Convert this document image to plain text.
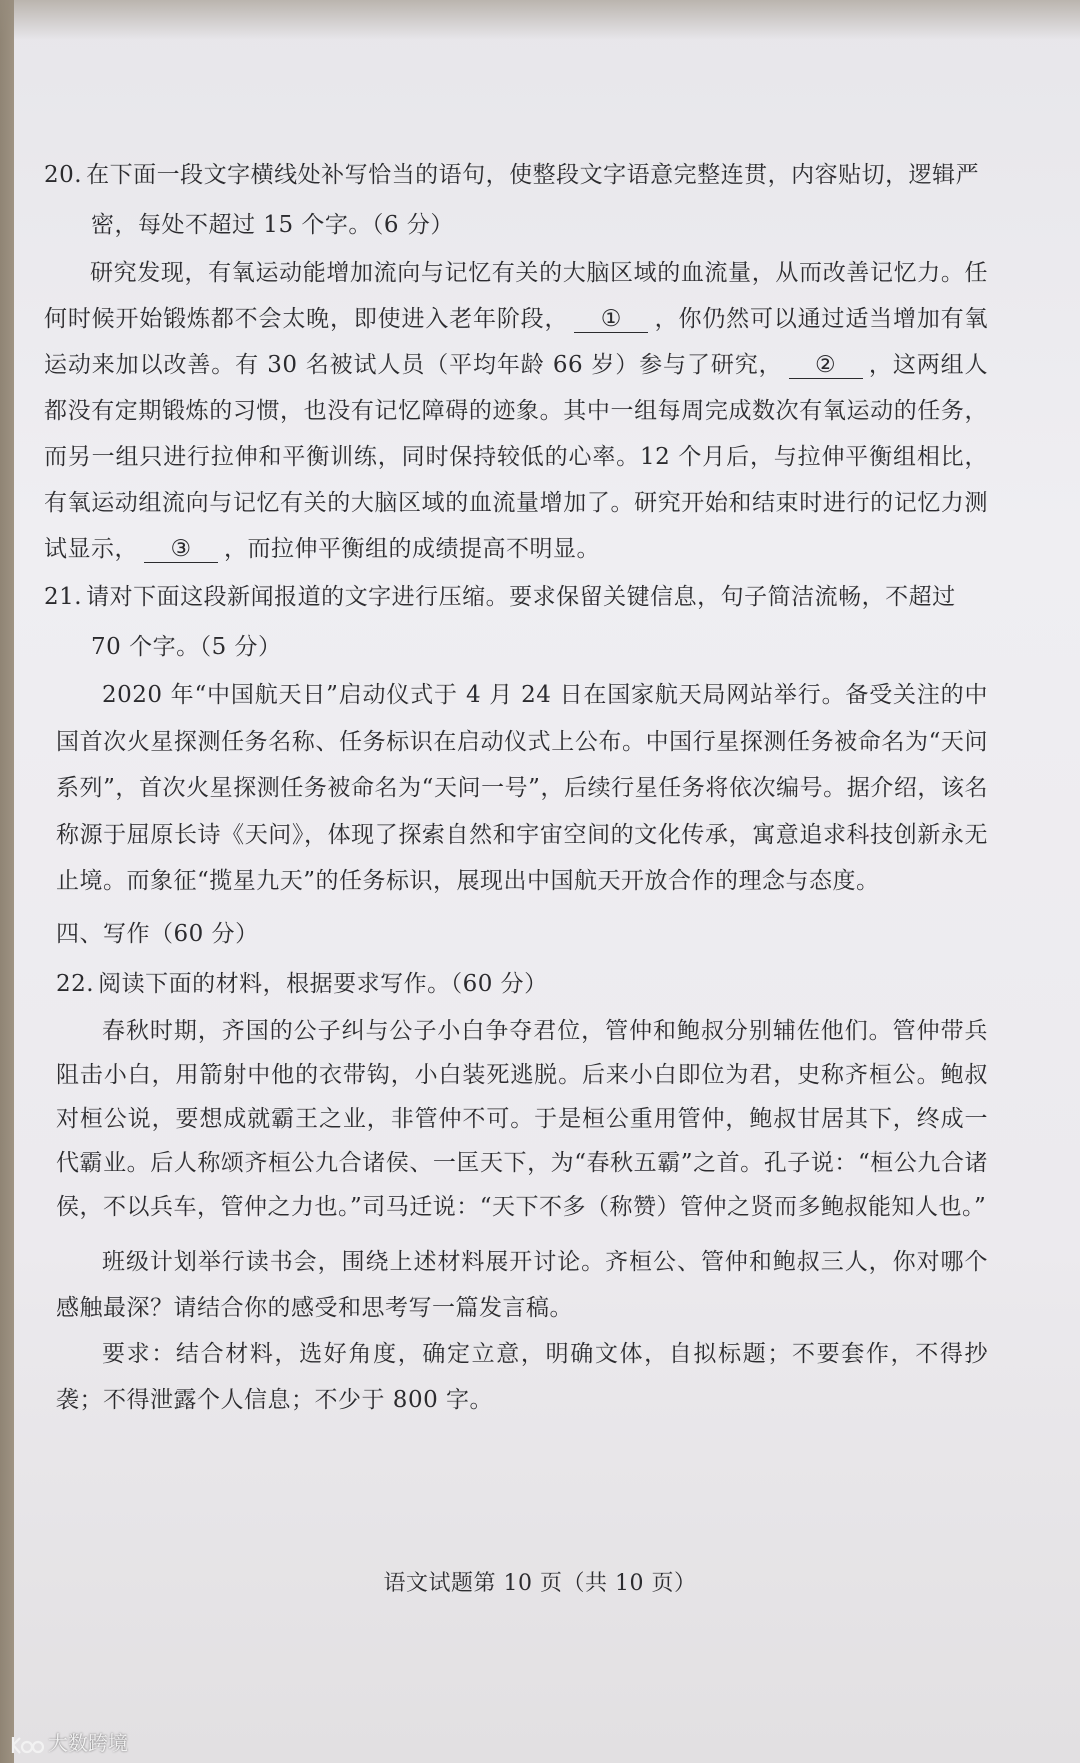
20. 在下面一段文字横线处补写恰当的语句，使整段文字语意完整连贯，内容贴切，逻辑严密，每处不超过 15 个字。（6 分）

研究发现，有氧运动能增加流向与记忆有关的大脑区域的血流量，从而改善记忆力。任何时候开始锻炼都不会太晚，即使进入老年阶段， ① ，你仍然可以通过适当增加有氧运动来加以改善。有 30 名被试人员（平均年龄 66 岁）参与了研究， ② ，这两组人都没有定期锻炼的习惯，也没有记忆障碍的迹象。其中一组每周完成数次有氧运动的任务，而另一组只进行拉伸和平衡训练，同时保持较低的心率。12 个月后，与拉伸平衡组相比，有氧运动组流向与记忆有关的大脑区域的血流量增加了。研究开始和结束时进行的记忆力测试显示， ③ ，而拉伸平衡组的成绩提高不明显。

21. 请对下面这段新闻报道的文字进行压缩。要求保留关键信息，句子简洁流畅，不超过 70 个字。（5 分）

2020 年“中国航天日”启动仪式于 4 月 24 日在国家航天局网站举行。备受关注的中国首次火星探测任务名称、任务标识在启动仪式上公布。中国行星探测任务被命名为“天问系列”，首次火星探测任务被命名为“天问一号”，后续行星任务将依次编号。据介绍，该名称源于屈原长诗《天问》，体现了探索自然和宇宙空间的文化传承，寓意追求科技创新永无止境。而象征“揽星九天”的任务标识，展现出中国航天开放合作的理念与态度。

四、写作（60 分）

22. 阅读下面的材料，根据要求写作。（60 分）

春秋时期，齐国的公子纠与公子小白争夺君位，管仲和鲍叔分别辅佐他们。管仲带兵阻击小白，用箭射中他的衣带钩，小白装死逃脱。后来小白即位为君，史称齐桓公。鲍叔对桓公说，要想成就霸王之业，非管仲不可。于是桓公重用管仲，鲍叔甘居其下，终成一代霸业。后人称颂齐桓公九合诸侯、一匡天下，为“春秋五霸”之首。孔子说：“桓公九合诸侯，不以兵车，管仲之力也。”司马迁说：“天下不多（称赞）管仲之贤而多鲍叔能知人也。”

班级计划举行读书会，围绕上述材料展开讨论。齐桓公、管仲和鲍叔三人，你对哪个感触最深？请结合你的感受和思考写一篇发言稿。

要求：结合材料，选好角度，确定立意，明确文体，自拟标题；不要套作，不得抄袭；不得泄露个人信息；不少于 800 字。

语文试题第 10 页（共 10 页）
大数跨境
